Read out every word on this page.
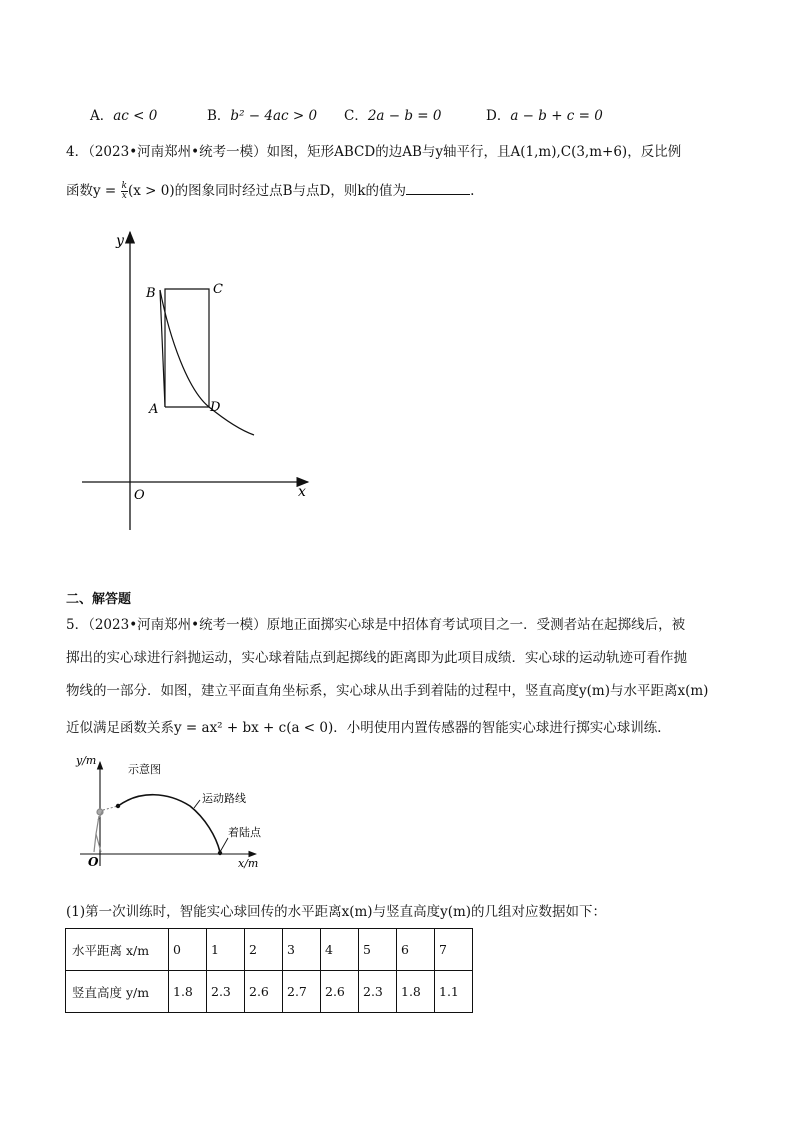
A．ac < 0	B．b² − 4ac > 0 C．2a − b = 0	D．a − b + c = 0
4．（2023•河南郑州•统考一模）如图，矩形ABCD的边AB与y轴平行，且A(1,m),C(3,m+6)，反比例
函数$y = \frac{k}{x} (x > 0)$的图象同时经过点B与点D，则k的值为	.
y
x
O
A
B	C
D
二、解答题
5．（2023•河南郑州•统考一模）原地正面掷实心球是中招体育考试项目之一．受测者站在起掷线后，被
掷出的实心球进行斜抛运动，实心球着陆点到起掷线的距离即为此项目成绩．实心球的运动轨迹可看作抛
物线的一部分．如图，建立平面直角坐标系，实心球从出手到着陆的过程中，竖直高度y(m)与水平距离x(m)
近似满足函数关系y = ax² + bx + c(a < 0)．小明使用内置传感器的智能实心球进行掷实心球训练．
y/m
x/m
O
示意图
运动路线
着陆点
(1)第一次训练时，智能实心球回传的水平距离x(m)与竖直高度y(m)的几组对应数据如下：
水平距离 x/m	0	1	2	3	4	5	6	7
竖直高度 y/m	1.8	2.3	2.6	2.7	2.6	2.3	1.8	1.1
